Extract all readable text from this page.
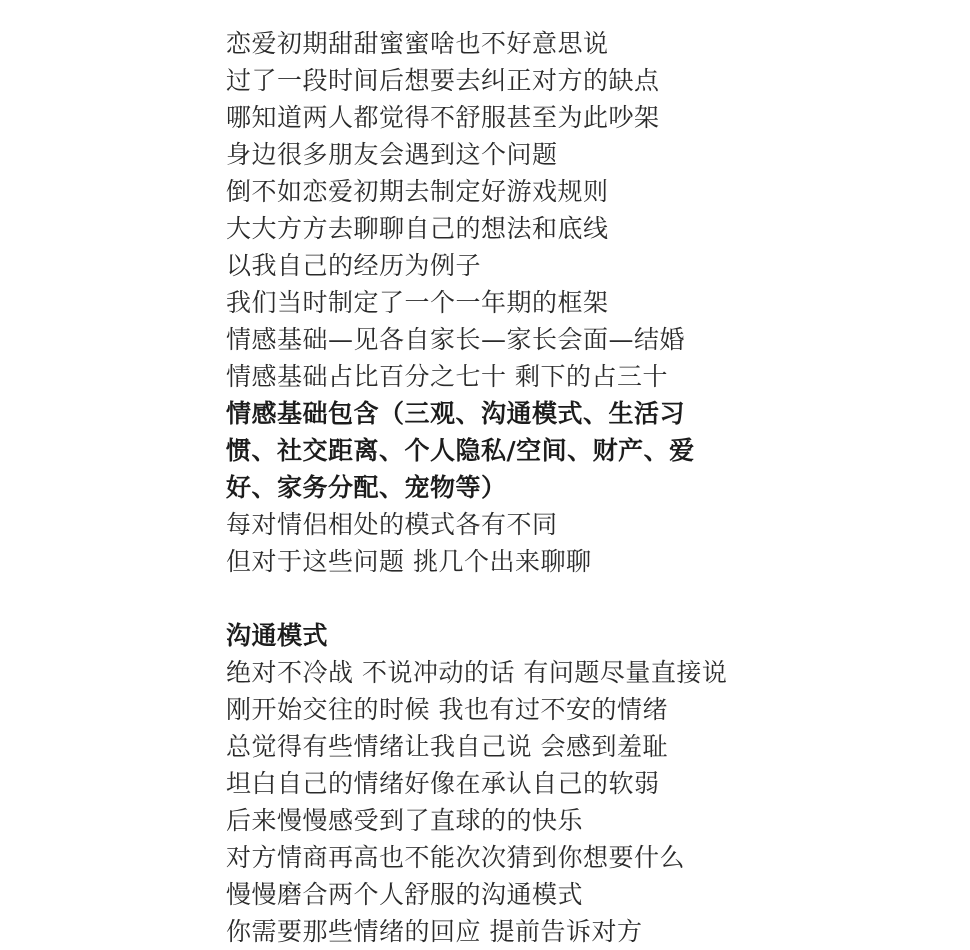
恋爱初期甜甜蜜蜜啥也不好意思说
过了一段时间后想要去纠正对方的缺点
哪知道两人都觉得不舒服甚至为此吵架
身边很多朋友会遇到这个问题
倒不如恋爱初期去制定好游戏规则
大大方方去聊聊自己的想法和底线
以我自己的经历为例子
我们当时制定了一个一年期的框架
情感基础—见各自家长—家长会面—结婚
情感基础占比百分之七十 剩下的占三十
情感基础包含（三观、沟通模式、生活习
惯、社交距离、个人隐私/空间、财产、爱
好、家务分配、宠物等）
每对情侣相处的模式各有不同
但对于这些问题 挑几个出来聊聊
沟通模式
绝对不冷战 不说冲动的话 有问题尽量直接说
刚开始交往的时候 我也有过不安的情绪
总觉得有些情绪让我自己说 会感到羞耻
坦白自己的情绪好像在承认自己的软弱
后来慢慢感受到了直球的的快乐
对方情商再高也不能次次猜到你想要什么
慢慢磨合两个人舒服的沟通模式
你需要那些情绪的回应 提前告诉对方
